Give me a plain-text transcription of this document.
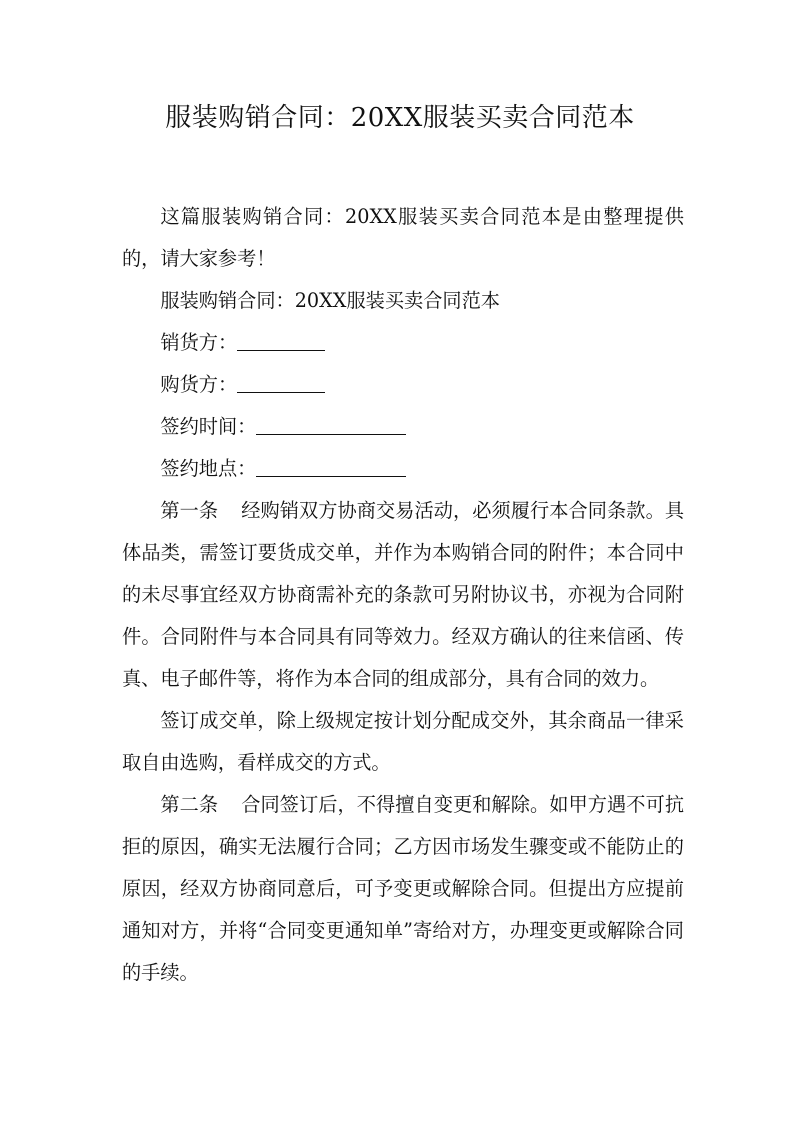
服装购销合同：20XX服装买卖合同范本

这篇服装购销合同：20XX服装买卖合同范本是由整理提供的，请大家参考！

服装购销合同：20XX服装买卖合同范本

销货方：

购货方：

签约时间：

签约地点：

第一条 经购销双方协商交易活动，必须履行本合同条款。具体品类，需签订要货成交单，并作为本购销合同的附件；本合同中的未尽事宜经双方协商需补充的条款可另附协议书，亦视为合同附件。合同附件与本合同具有同等效力。经双方确认的往来信函、传真、电子邮件等，将作为本合同的组成部分，具有合同的效力。

签订成交单，除上级规定按计划分配成交外，其余商品一律采取自由选购，看样成交的方式。

第二条 合同签订后，不得擅自变更和解除。如甲方遇不可抗拒的原因，确实无法履行合同；乙方因市场发生骤变或不能防止的原因，经双方协商同意后，可予变更或解除合同。但提出方应提前通知对方，并将“合同变更通知单”寄给对方，办理变更或解除合同的手续。
